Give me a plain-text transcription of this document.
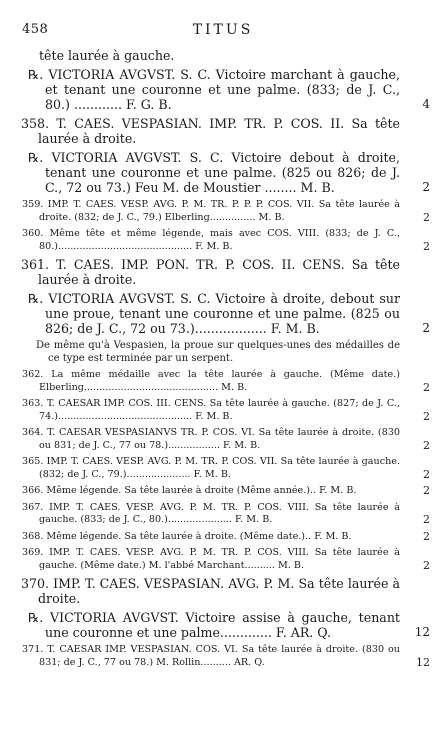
458	TITUS
tête laurée à gauche.
℞. VICTORIA AVGVST. S. C. Victoire marchant à gauche, et tenant une couronne et une palme. (833; de J. C., 80.) ............ F. G. B.	4
358. T. CAES. VESPASIAN. IMP. TR. P. COS. II. Sa tête laurée à droite.
℞. VICTORIA AVGVST. S. C. Victoire debout à droite, tenant une couronne et une palme. (825 ou 826; de J. C., 72 ou 73.) Feu M. de Moustier ........ M. B.	2
359. IMP. T. CAES. VESP. AVG. P. M. TR. P. P. P. COS. VII. Sa tête laurée à droite. (832; de J. C., 79.) Elberling............... M. B.	2
360. Même tête et même légende, mais avec COS. VIII. (833; de J. C., 80.)............................................ F. M. B.	2
361. T. CAES. IMP. PON. TR. P. COS. II. CENS. Sa tête laurée à droite.
℞. VICTORIA AVGVST. S. C. Victoire à droite, debout sur une proue, tenant une couronne et une palme. (825 ou 826; de J. C., 72 ou 73.).................. F. M. B.	2
De même qu'à Vespasien, la proue sur quelques-unes des médailles de ce type est terminée par un serpent.
362. La même médaille avec la tête laurée à gauche. (Même date.) Elberling............................................ M. B.	2
363. T. CAESAR IMP. COS. III. CENS. Sa tête laurée à gauche. (827; de J. C., 74.)............................................ F. M. B.	2
364. T. CAESAR VESPASIANVS TR. P. COS. VI. Sa tête laurée à droite. (830 ou 831; de J. C., 77 ou 78.)................. F. M. B.	2
365. IMP. T. CAES. VESP. AVG. P. M. TR. P. COS. VII. Sa tête laurée à gauche. (832; de J. C., 79.)..................... F. M. B.	2
366. Même légende. Sa tête laurée à droite (Même année.).. F. M. B.	2
367. IMP. T. CAES. VESP. AVG. P. M. TR. P. COS. VIII. Sa tête laurée à gauche. (833; de J. C., 80.)..................... F. M. B.	2
368. Même légende. Sa tête laurée à droite. (Même date.).. F. M. B.	2
369. IMP. T. CAES. VESP. AVG. P. M. TR. P. COS. VIII. Sa tête laurée à gauche. (Même date.) M. l'abbé Marchant.......... M. B.	2
370. IMP. T. CAES. VESPASIAN. AVG. P. M. Sa tête laurée à droite.
℞. VICTORIA AVGVST. Victoire assise à gauche, tenant une couronne et une palme............. F. AR. Q.	12
371. T. CAESAR IMP. VESPASIAN. COS. VI. Sa tête laurée à droite. (830 ou 831; de J. C., 77 ou 78.) M. Rollin.......... AR. Q.	12
